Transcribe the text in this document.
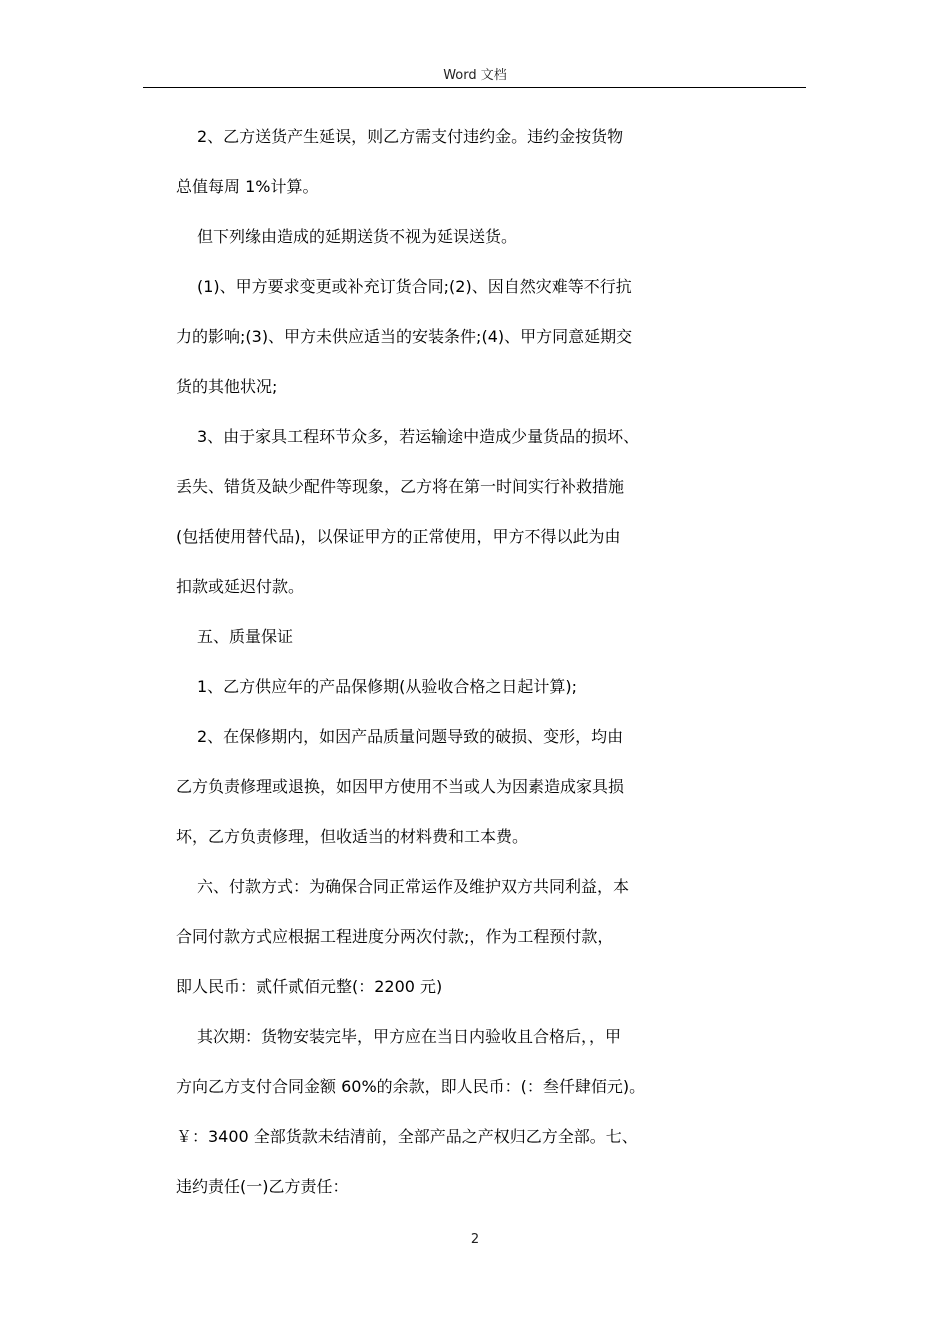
Word 文档
2、乙方送货产生延误，则乙方需支付违约金。违约金按货物
总值每周 1%计算。
但下列缘由造成的延期送货不视为延误送货。
(1)、甲方要求变更或补充订货合同;(2)、因自然灾难等不行抗
力的影响;(3)、甲方未供应适当的安装条件;(4)、甲方同意延期交
货的其他状况;
3、由于家具工程环节众多，若运输途中造成少量货品的损坏、
丢失、错货及缺少配件等现象，乙方将在第一时间实行补救措施
(包括使用替代品)，以保证甲方的正常使用，甲方不得以此为由
扣款或延迟付款。
五、质量保证
1、乙方供应年的产品保修期(从验收合格之日起计算);
2、在保修期内，如因产品质量问题导致的破损、变形，均由
乙方负责修理或退换，如因甲方使用不当或人为因素造成家具损
坏，乙方负责修理，但收适当的材料费和工本费。
六、付款方式：为确保合同正常运作及维护双方共同利益，本
合同付款方式应根据工程进度分两次付款;，作为工程预付款，
即人民币：贰仟贰佰元整(：2200 元)
其次期：货物安装完毕，甲方应在当日内验收且合格后，，甲
方向乙方支付合同金额 60%的余款，即人民币：(：叁仟肆佰元)。
￥：3400 全部货款未结清前，全部产品之产权归乙方全部。七、
违约责任(一)乙方责任：
2
